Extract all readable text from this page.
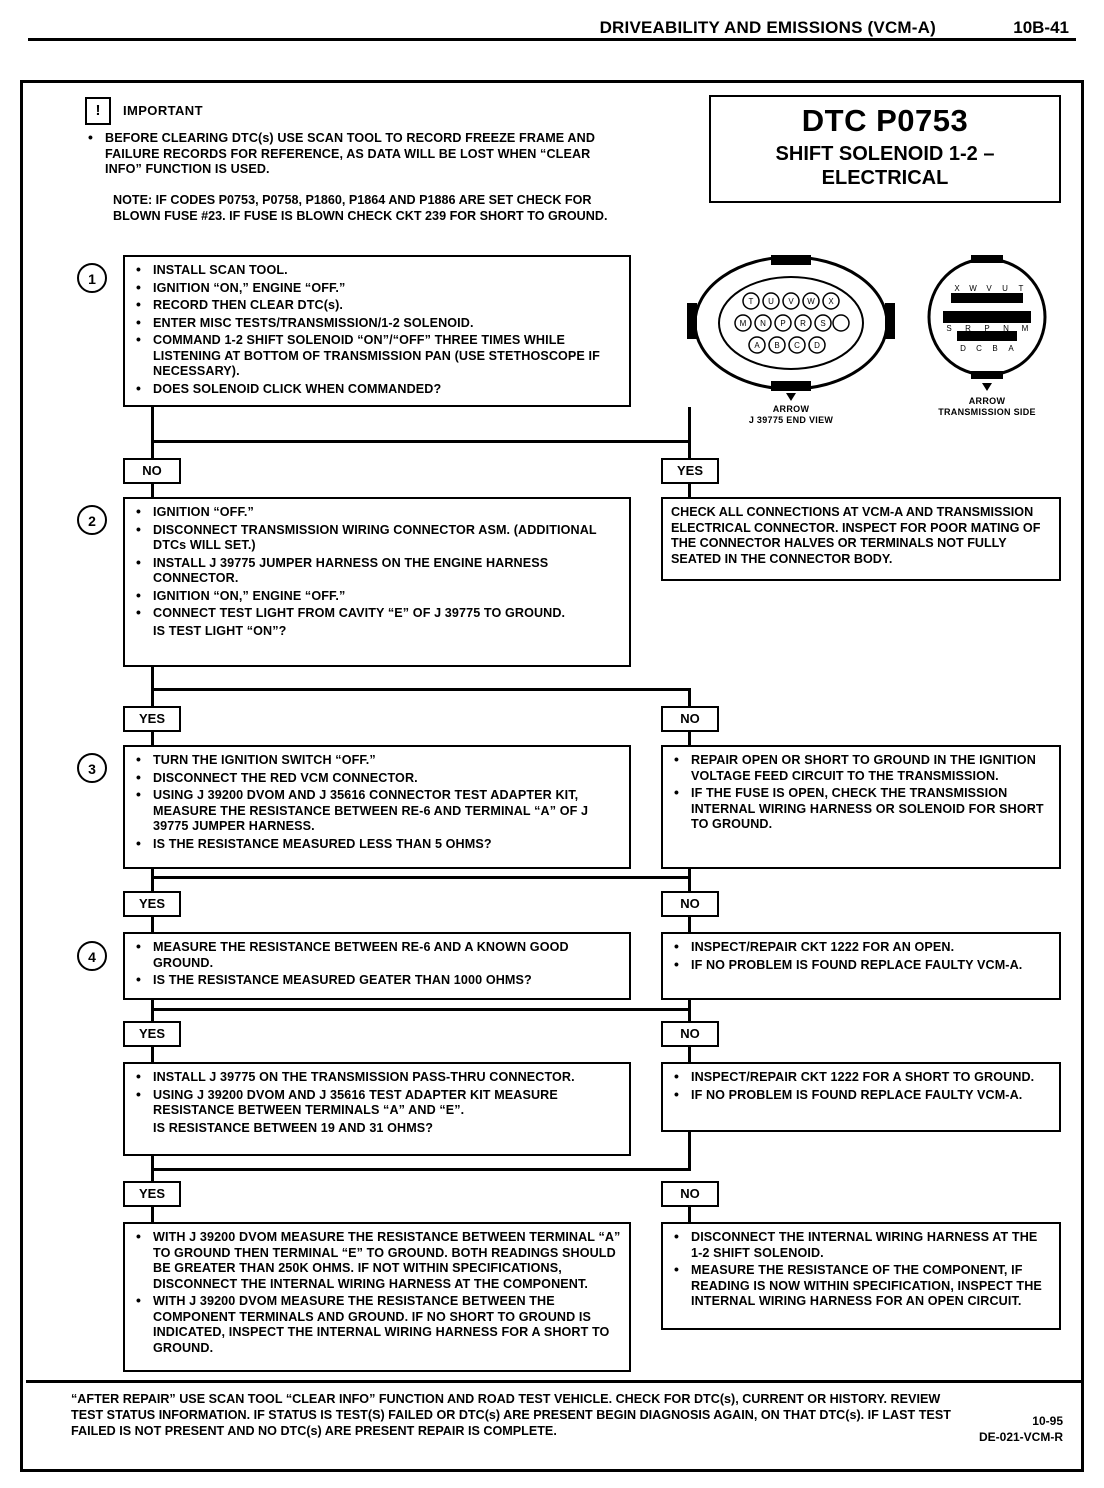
DRIVEABILITY AND EMISSIONS (VCM-A)	10B-41
!	IMPORTANT
• BEFORE CLEARING DTC(s) USE SCAN TOOL TO RECORD FREEZE FRAME AND FAILURE RECORDS FOR REFERENCE, AS DATA WILL BE LOST WHEN “CLEAR INFO” FUNCTION IS USED.
NOTE: IF CODES P0753, P0758, P1860, P1864 AND P1886 ARE SET CHECK FOR BLOWN FUSE #23. IF FUSE IS BLOWN CHECK CKT 239 FOR SHORT TO GROUND.
DTC P0753
SHIFT SOLENOID 1-2 –
ELECTRICAL
T U V W X
M N P R S
A B C D
ARROW
J 39775 END VIEW
X W V U T
S R P N M
D C B A
ARROW
TRANSMISSION SIDE
1
• INSTALL SCAN TOOL.
• IGNITION “ON,” ENGINE “OFF.”
• RECORD THEN CLEAR DTC(s).
• ENTER MISC TESTS/TRANSMISSION/1-2 SOLENOID.
• COMMAND 1-2 SHIFT SOLENOID “ON”/“OFF” THREE TIMES WHILE LISTENING AT BOTTOM OF TRANSMISSION PAN (USE STETHOSCOPE IF NECESSARY).
• DOES SOLENOID CLICK WHEN COMMANDED?
NO	YES
2
• IGNITION “OFF.”
• DISCONNECT TRANSMISSION WIRING CONNECTOR ASM. (ADDITIONAL DTCs WILL SET.)
• INSTALL J 39775 JUMPER HARNESS ON THE ENGINE HARNESS CONNECTOR.
• IGNITION “ON,” ENGINE “OFF.”
• CONNECT TEST LIGHT FROM CAVITY “E” OF J 39775 TO GROUND.
IS TEST LIGHT “ON”?
CHECK ALL CONNECTIONS AT VCM-A AND TRANSMISSION ELECTRICAL CONNECTOR. INSPECT FOR POOR MATING OF THE CONNECTOR HALVES OR TERMINALS NOT FULLY SEATED IN THE CONNECTOR BODY.
YES	NO
3
• TURN THE IGNITION SWITCH “OFF.”
• DISCONNECT THE RED VCM CONNECTOR.
• USING J 39200 DVOM AND J 35616 CONNECTOR TEST ADAPTER KIT, MEASURE THE RESISTANCE BETWEEN RE-6 AND TERMINAL “A” OF J 39775 JUMPER HARNESS.
• IS THE RESISTANCE MEASURED LESS THAN 5 OHMS?
• REPAIR OPEN OR SHORT TO GROUND IN THE IGNITION VOLTAGE FEED CIRCUIT TO THE TRANSMISSION.
• IF THE FUSE IS OPEN, CHECK THE TRANSMISSION INTERNAL WIRING HARNESS OR SOLENOID FOR SHORT TO GROUND.
YES	NO
4
• MEASURE THE RESISTANCE BETWEEN RE-6 AND A KNOWN GOOD GROUND.
• IS THE RESISTANCE MEASURED GEATER THAN 1000 OHMS?
• INSPECT/REPAIR CKT 1222 FOR AN OPEN.
• IF NO PROBLEM IS FOUND REPLACE FAULTY VCM-A.
YES	NO
• INSTALL J 39775 ON THE TRANSMISSION PASS-THRU CONNECTOR.
• USING J 39200 DVOM AND J 35616 TEST ADAPTER KIT MEASURE RESISTANCE BETWEEN TERMINALS “A” AND “E”.
IS RESISTANCE BETWEEN 19 AND 31 OHMS?
• INSPECT/REPAIR CKT 1222 FOR A SHORT TO GROUND.
• IF NO PROBLEM IS FOUND REPLACE FAULTY VCM-A.
YES	NO
• WITH J 39200 DVOM MEASURE THE RESISTANCE BETWEEN TERMINAL “A” TO GROUND THEN TERMINAL “E” TO GROUND. BOTH READINGS SHOULD BE GREATER THAN 250K OHMS. IF NOT WITHIN SPECIFICATIONS, DISCONNECT THE INTERNAL WIRING HARNESS AT THE COMPONENT.
• WITH J 39200 DVOM MEASURE THE RESISTANCE BETWEEN THE COMPONENT TERMINALS AND GROUND. IF NO SHORT TO GROUND IS INDICATED, INSPECT THE INTERNAL WIRING HARNESS FOR A SHORT TO GROUND.
• DISCONNECT THE INTERNAL WIRING HARNESS AT THE 1-2 SHIFT SOLENOID.
• MEASURE THE RESISTANCE OF THE COMPONENT, IF READING IS NOW WITHIN SPECIFICATION, INSPECT THE INTERNAL WIRING HARNESS FOR AN OPEN CIRCUIT.
“AFTER REPAIR” USE SCAN TOOL “CLEAR INFO” FUNCTION AND ROAD TEST VEHICLE. CHECK FOR DTC(s), CURRENT OR HISTORY. REVIEW TEST STATUS INFORMATION. IF STATUS IS TEST(S) FAILED OR DTC(s) ARE PRESENT BEGIN DIAGNOSIS AGAIN, ON THAT DTC(s). IF LAST TEST FAILED IS NOT PRESENT AND NO DTC(s) ARE PRESENT REPAIR IS COMPLETE.
10-95
DE-021-VCM-R
